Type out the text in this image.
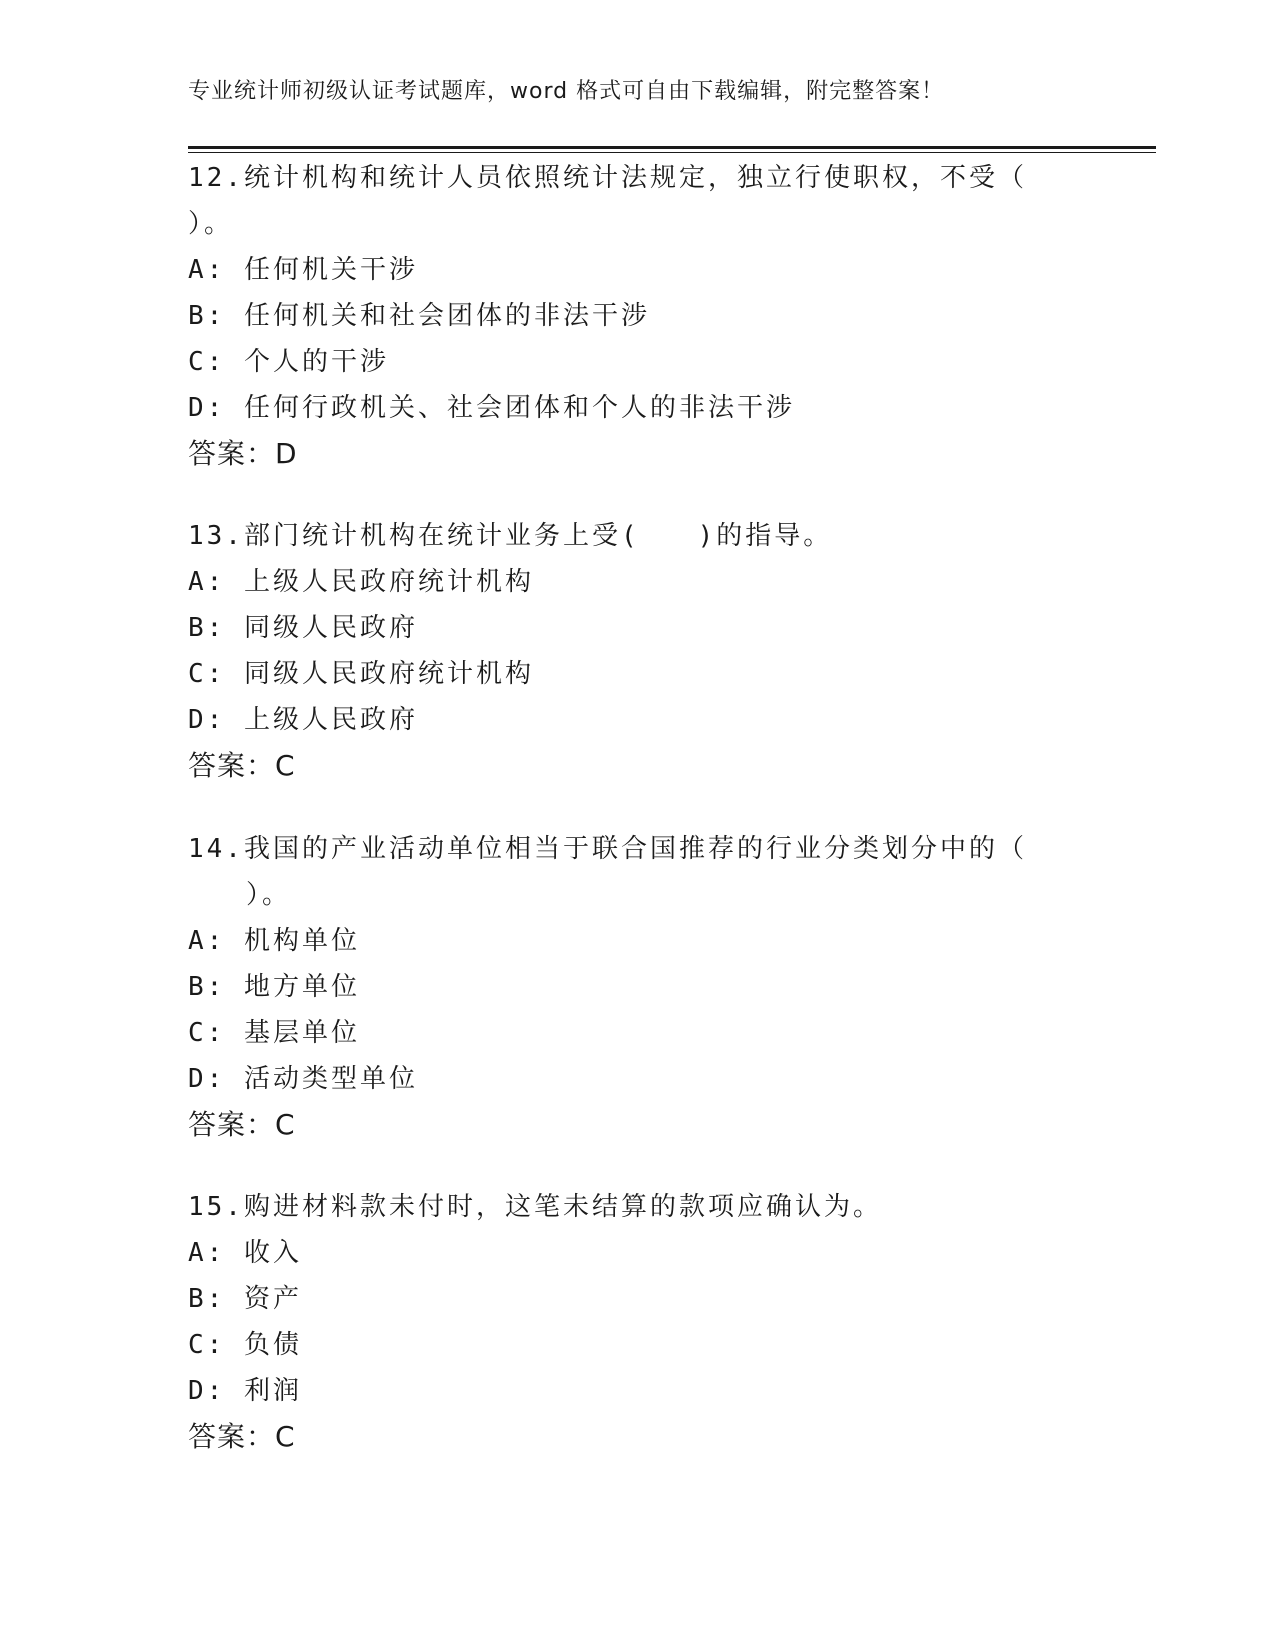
专业统计师初级认证考试题库，word 格式可自由下载编辑，附完整答案！
12.统计机构和统计人员依照统计法规定，独立行使职权，不受（
）。
A: 任何机关干涉
B: 任何机关和社会团体的非法干涉
C: 个人的干涉
D: 任何行政机关、社会团体和个人的非法干涉
答案：D
13.部门统计机构在统计业务上受(　　)的指导。
A: 上级人民政府统计机构
B: 同级人民政府
C: 同级人民政府统计机构
D: 上级人民政府
答案：C
14.我国的产业活动单位相当于联合国推荐的行业分类划分中的（
　　）。
A: 机构单位
B: 地方单位
C: 基层单位
D: 活动类型单位
答案：C
15.购进材料款未付时，这笔未结算的款项应确认为。
A: 收入
B: 资产
C: 负债
D: 利润
答案：C
